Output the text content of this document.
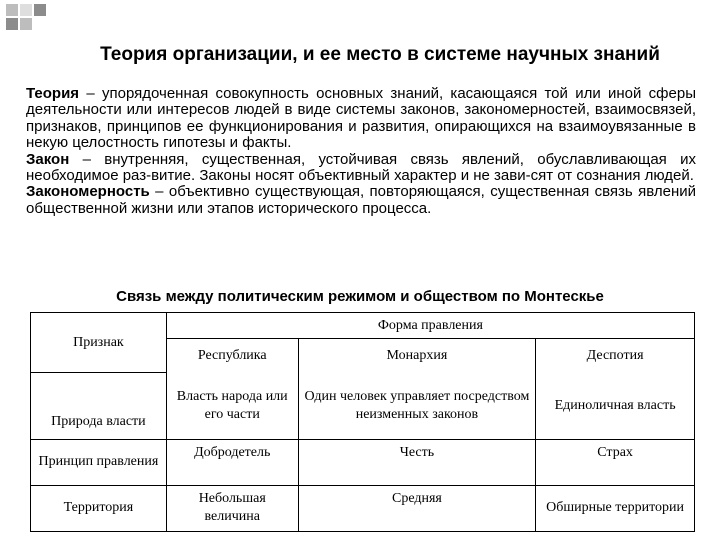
Теория организации, и ее место в системе научных знаний

Теория – упорядоченная совокупность основных знаний, касающаяся той или иной сферы деятельности или интересов людей в виде системы законов, закономерностей, взаимосвязей, признаков, принципов ее функционирования и развития, опирающихся на взаимоувязанные в некую целостность гипотезы и факты.

Закон – внутренняя, существенная, устойчивая связь явлений, обуславливающая их необходимое раз-витие. Законы носят объективный характер и не зави-сят от сознания людей.

Закономерность – объективно существующая, повторяющаяся, существенная связь явлений общественной жизни или этапов исторического процесса.

Связь между политическим режимом и обществом по Монтескье
Признак	Форма правления		
	Республика	Монархия	Деспотия
Природа власти	Власть народа или его части	Один человек управляет посредством неизменных законов	Единоличная власть
Принцип правления	Добродетель	Честь	Страх
Территория	Небольшая величина	Средняя	Обширные территории
